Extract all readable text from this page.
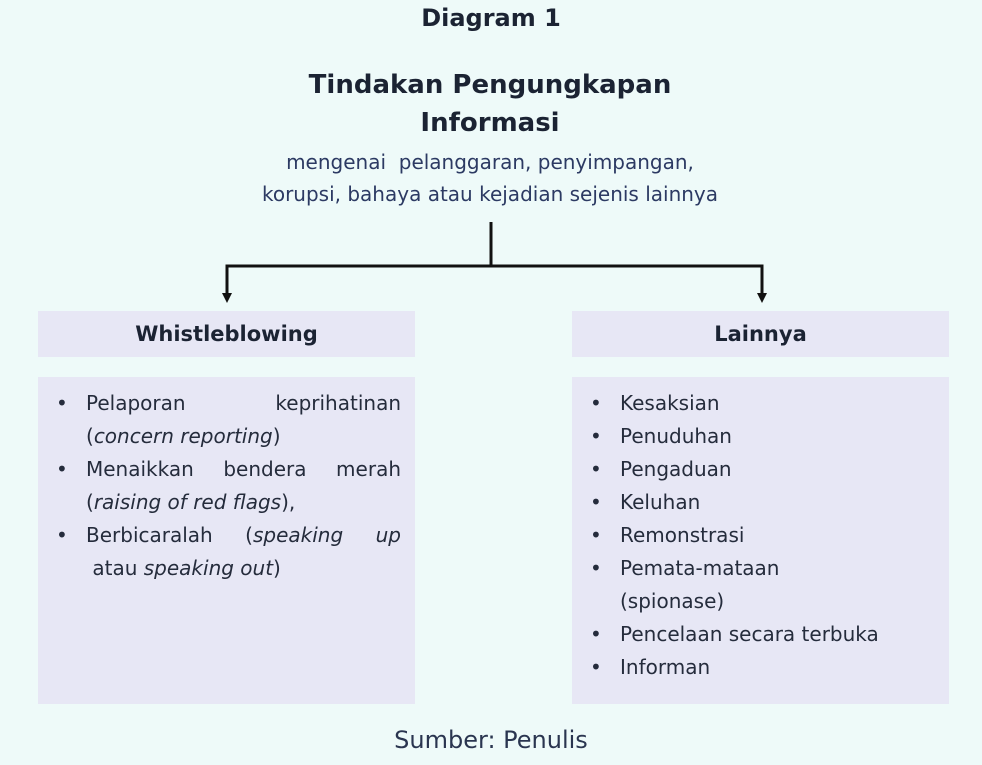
Diagram 1
Tindakan Pengungkapan Informasi
mengenai  pelanggaran, penyimpangan,
korupsi, bahaya atau kejadian sejenis lainnya
Whistleblowing	Lainnya
• Pelaporan keprihatinan (concern reporting)
• Menaikkan bendera merah (raising of red flags),
• Berbicaralah (speaking up atau speaking out)
• Kesaksian
• Penuduhan
• Pengaduan
• Keluhan
• Remonstrasi
• Pemata-mataan (spionase)
• Pencelaan secara terbuka
• Informan
Sumber: Penulis
